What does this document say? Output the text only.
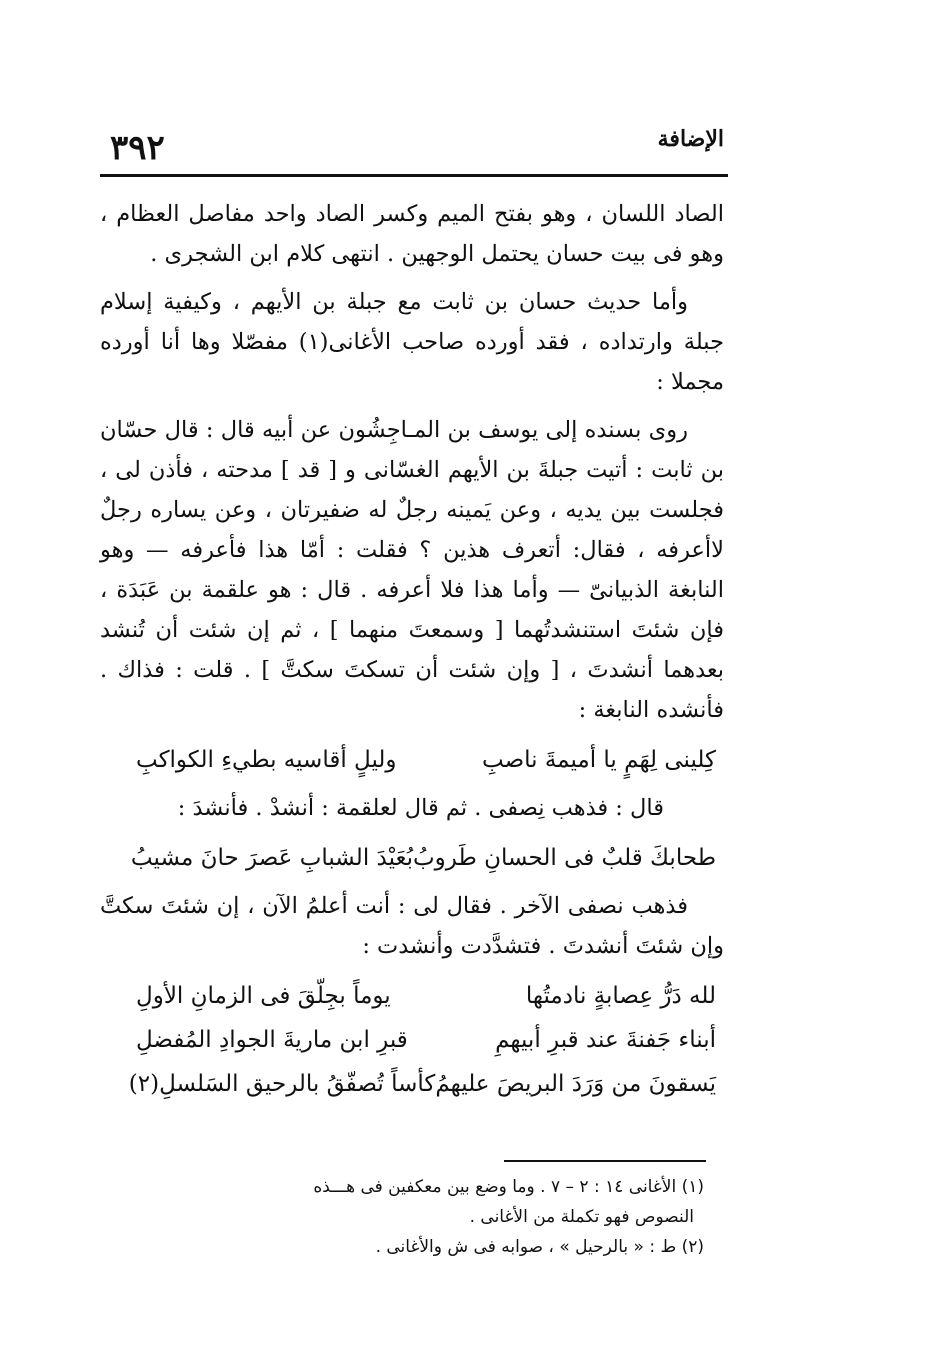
٣٩٢	الإضافة

الصاد اللسان ، وهو بفتح الميم وكسر الصاد واحد مفاصل العظام ، وهو فى بيت حسان يحتمل الوجهين . انتهى كلام ابن الشجرى .

وأما حديث حسان بن ثابت مع جبلة بن الأيهم ، وكيفية إسلام جبلة وارتداده ، فقد أورده صاحب الأغانى(١) مفصّلا وها أنا أورده مجملا :

روى بسنده إلى يوسف بن المـاجِشُون عن أبيه قال : قال حسّان بن ثابت : أتيت جبلةَ بن الأيهم الغسّانى و [ قد ] مدحته ، فأذن لى ، فجلست بين يديه ، وعن يَمينه رجلٌ له ضفيرتان ، وعن يساره رجلٌ لاأعرفه ، فقال: أتعرف هذين ؟ فقلت : أمّا هذا فأعرفه — وهو النابغة الذبيانىّ — وأما هذا فلا أعرفه . قال : هو علقمة بن عَبَدَة ، فإن شئتَ استنشدتُهما [ وسمعتَ منهما ] ، ثم إن شئت أن تُنشد بعدهما أنشدتَ ، [ وإن شئت أن تسكتَ سكتَّ ] . قلت : فذاك . فأنشده النابغة :

كِلينى لِهَمٍ يا أميمةَ ناصبِ
وليلٍ أقاسيه بطيءِ الكواكبِ

قال : فذهب نِصفى . ثم قال لعلقمة : أنشدْ . فأنشدَ :

طحابكَ قلبٌ فى الحسانِ طَروبُ
بُعَيْدَ الشبابِ عَصرَ حانَ مشيبُ

فذهب نصفى الآخر . فقال لى : أنت أعلمُ الآن ، إن شئتَ سكتَّ وإن شئتَ أنشدتَ . فتشدَّدت وأنشدت :

لله دَرُّ عِصابةٍ نادمتُها
يوماً بجِلّقَ فى الزمانِ الأولِ
أبناء جَفنةَ عند قبرِ أبيهمِ
قبرِ ابن ماريةَ الجوادِ المُفضلِ
يَسقونَ من وَرَدَ البريصَ عليهمُ
كأساً تُصفّقُ بالرحيق السَلسلِ(٢)
(١) الأغانى ١٤ : ٢ – ٧ . وما وضع بين معكفين فى هـــذه
النصوص فهو تكملة من الأغانى .
(٢) ط : « بالرحيل » ، صوابه فى ش والأغانى .
